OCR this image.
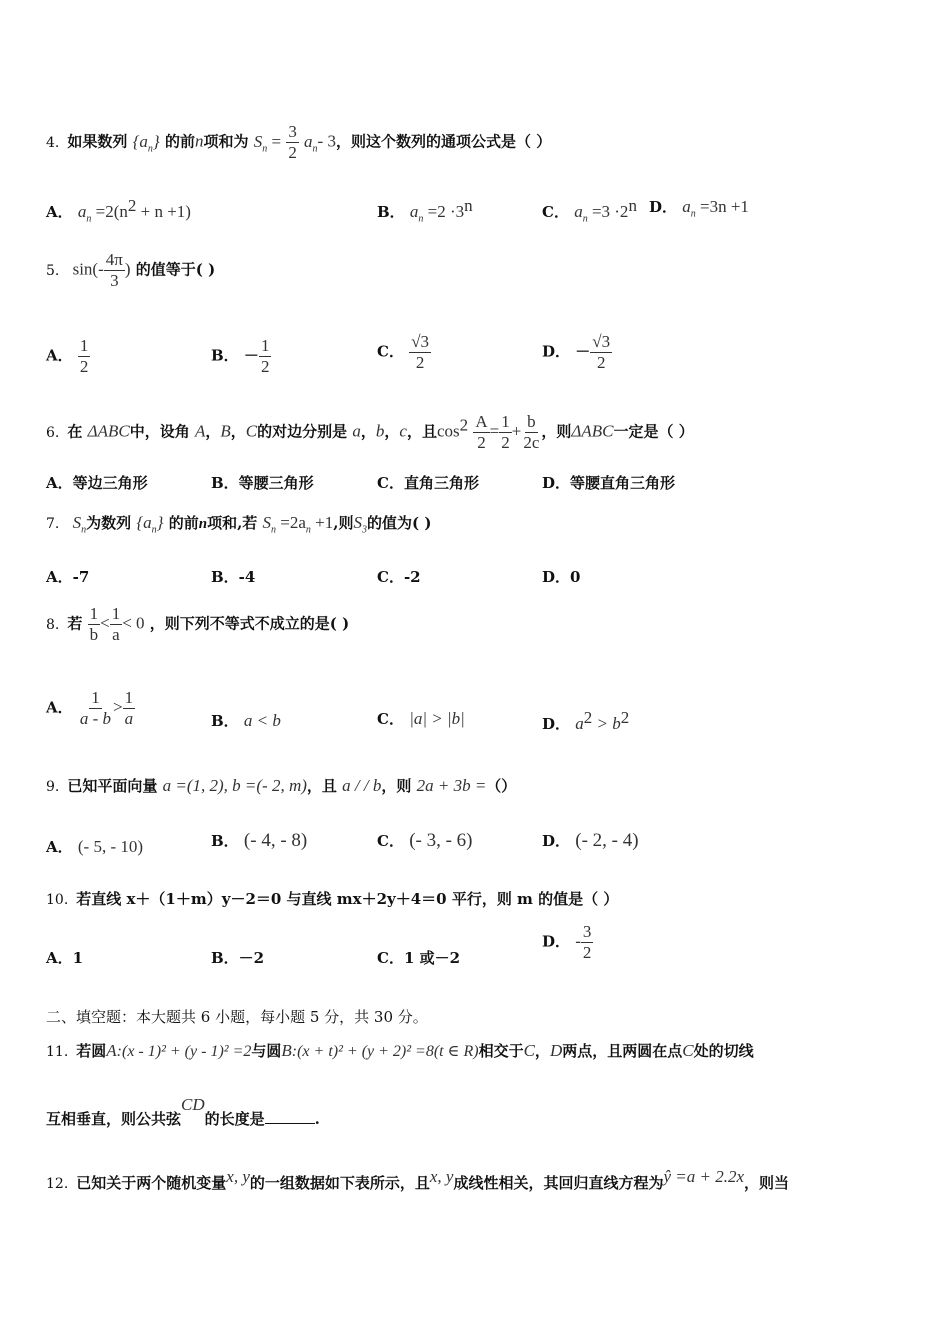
4. 如果数列 $\{a_n\}$ 的前n项和为 $S_n = \frac{3}{2} a_n-$ 3，则这个数列的通项公式是（ ）
A． $a_n =2(n^2 + n +1)$	B． $a_n =2 \cdot 3^n$	C． $a_n =3 \cdot 2^n$ D． $a_n =3n +1$
5. $\sin(- \frac{4\pi}{3}$ ) 的值等于( )
A． $\frac{1}{2}$	B． － $\frac{1}{2}$	C． $\frac{√3}{2}$	D． － $\frac{√3}{2}$
6. 在 ΔABC中，设角 A，B，C的对边分别是 a，b，c，且$\cos^2 \frac{A}{2} = \frac{1}{2} + \frac{b}{2c}$ ，则ΔABC一定是（ ）
A．等边三角形	B．等腰三角形	C．直角三角形	D．等腰直角三角形
7. $S_n$为数列 $\{a_n\}$ 的前n项和,若 $S_n =2a_n +1$,则$S_3$的值为( )
A．-7	B．-4	C．-2	D．0
8. 若 $\frac{1}{b} < \frac{1}{a} < 0$ ，则下列不等式不成立的是( )
A． $\frac{1}{a - b} > \frac{1}{a}$	B． a < b	C． |a| > |b|	D． $a^2 > b^2$
9. 已知平面向量 a =(1, 2), b =(- 2, m)，且 a / / b，则 2a + 3b =（）
A． (- 5, - 10)	B． (- 4, - 8)	C． (- 3, - 6)	D． (- 2, - 4)
10. 若直线 x＋（1＋m）y－2＝0 与直线 mx＋2y＋4＝0 平行，则 m 的值是（ ）
A．1	B．－2	C．1 或－2
D． - $\frac{3}{2}$
二、填空题：本大题共 6 小题，每小题 5 分，共 30 分。
11. 若圆A:(x - 1)² + (y - 1)² =2与圆B:(x + t)² + (y + 2)² =8(t ∈ R)相交于C，D两点，且两圆在点C处的切线
互相垂直，则公共弦CD的长度是	.
12. 已知关于两个随机变量x, y的一组数据如下表所示，且x, y成线性相关，其回归直线方程为ŷ =a + 2.2x，则当
